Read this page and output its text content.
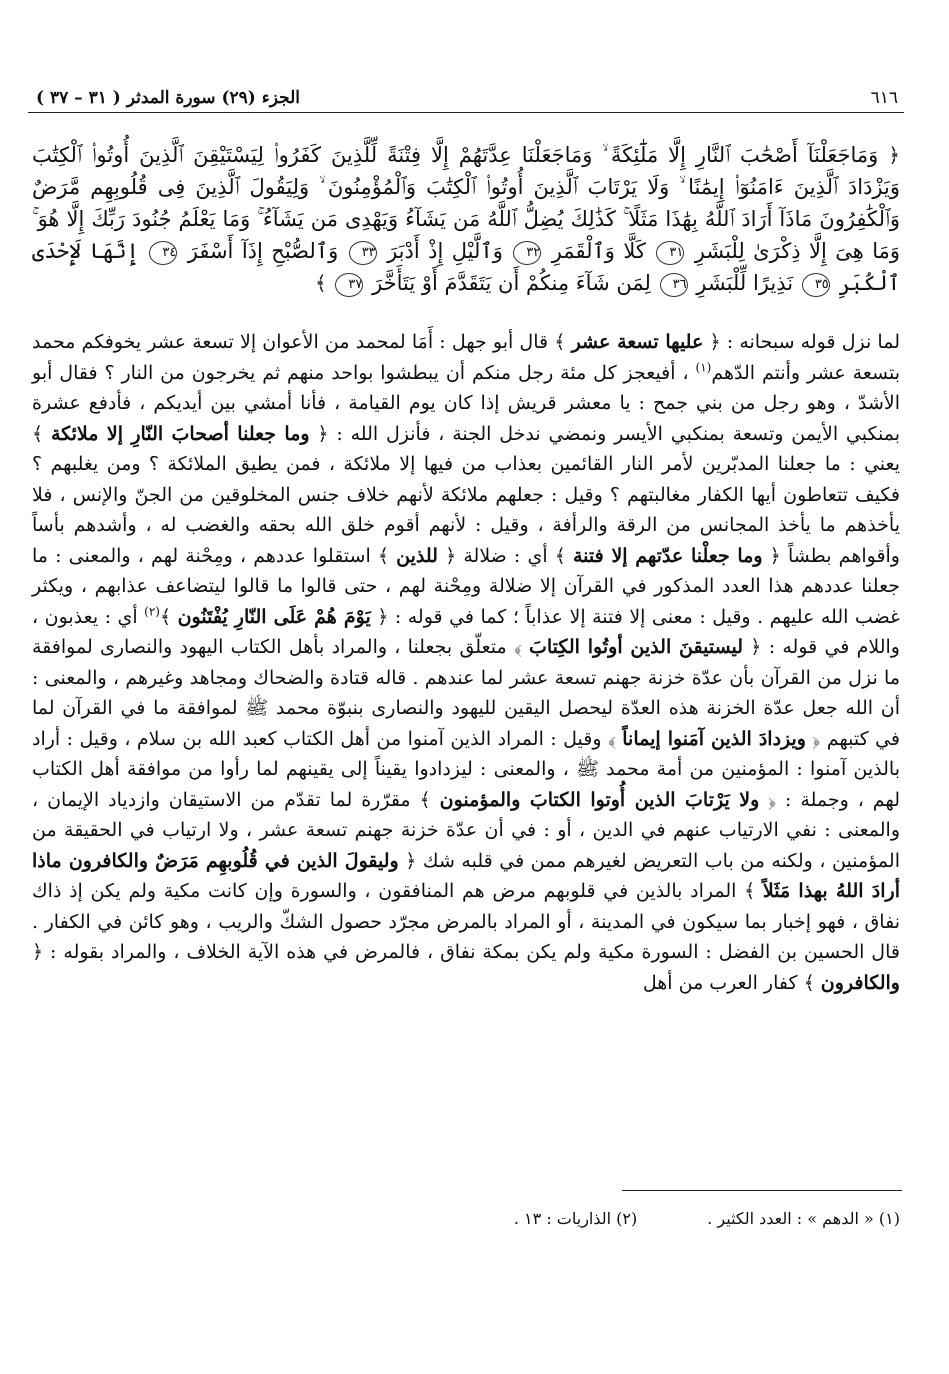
٦١٦
الجزء (٢٩) سورة المدثر ( ٣١ – ٣٧ )
﴿ وَمَاجَعَلْنَآ أَصْحَٰبَ ٱلنَّارِ إِلَّا مَلَٰٓئِكَةً ۙ وَمَاجَعَلْنَا عِدَّتَهُمْ إِلَّا فِتْنَةً لِّلَّذِينَ كَفَرُوا۟ لِيَسْتَيْقِنَ ٱلَّذِينَ أُوتُوا۟ ٱلْكِتَٰبَ وَيَزْدَادَ ٱلَّذِينَ ءَامَنُوٓا۟ إِيمَٰنًا ۙ وَلَا يَرْتَابَ ٱلَّذِينَ أُوتُوا۟ ٱلْكِتَٰبَ وَٱلْمُؤْمِنُونَ ۙ وَلِيَقُولَ ٱلَّذِينَ فِى قُلُوبِهِم مَّرَضٌ وَٱلْكَٰفِرُونَ مَاذَآ أَرَادَ ٱللَّهُ بِهَٰذَا مَثَلًا ۚ كَذَٰلِكَ يُضِلُّ ٱللَّهُ مَن يَشَآءُ وَيَهْدِى مَن يَشَآءُ ۚ وَمَا يَعْلَمُ جُنُودَ رَبِّكَ إِلَّا هُوَ ۚ وَمَا هِىَ إِلَّا ذِكْرَىٰ لِلْبَشَرِ ٣١ كَلَّا وَٱلْقَمَرِ ٣٢ وَٱلَّيْلِ إِذْ أَدْبَرَ ٣٣ وَٱلصُّبْحِ إِذَآ أَسْفَرَ ٣٤ إِنَّهَا لَإِحْدَى ٱلْكُبَرِ ٣٥ نَذِيرًا لِّلْبَشَرِ ٣٦ لِمَن شَآءَ مِنكُمْ أَن يَتَقَدَّمَ أَوْ يَتَأَخَّرَ ٣٧ ﴾
لما نزل قوله سبحانه : ﴿ عليها تسعة عشر ﴾ قال أبو جهل : أَمَا لمحمد من الأعوان إلا تسعة عشر يخوفكم محمد بتسعة عشر وأنتم الدّهم$^{(١)}$ ، أفيعجز كل مئة رجل منكم أن يبطشوا بواحد منهم ثم يخرجون من النار ؟ فقال أبو الأشدّ ، وهو رجل من بني جمح : يا معشر قريش إذا كان يوم القيامة ، فأنا أمشي بين أيديكم ، فأدفع عشرة بمنكبي الأيمن وتسعة بمنكبي الأيسر ونمضي ندخل الجنة ، فأنزل الله : ﴿ وما جعلنا أصحابَ النّارِ إلا ملائكة ﴾ يعني : ما جعلنا المدبّرين لأمر النار القائمين بعذاب من فيها إلا ملائكة ، فمن يطيق الملائكة ؟ ومن يغلبهم ؟ فكيف تتعاطون أيها الكفار مغالبتهم ؟ وقيل : جعلهم ملائكة لأنهم خلاف جنس المخلوقين من الجنّ والإنس ، فلا يأخذهم ما يأخذ المجانس من الرقة والرأفة ، وقيل : لأنهم أقوم خلق الله بحقه والغضب له ، وأشدهم بأساً وأقواهم بطشاً ﴿ وما جعلْنا عدّتهم إلا فتنة ﴾ أي : ضلالة ﴿ للذين ﴾ استقلوا عددهم ، ومِحْنة لهم ، والمعنى : ما جعلنا عددهم هذا العدد المذكور في القرآن إلا ضلالة ومِحْنة لهم ، حتى قالوا ما قالوا ليتضاعف عذابهم ، ويكثر غضب الله عليهم . وقيل : معنى إلا فتنة إلا عذاباً ؛ كما في قوله : ﴿ يَوْمَ هُمْ عَلَى النّارِ يُفْتَنُون ﴾$^{(٢)}$ أي : يعذبون ، واللام في قوله : ﴿ ليستيقنَ الذين أوتُوا الكِتابَ ﴾ متعلّق بجعلنا ، والمراد بأهل الكتاب اليهود والنصارى لموافقة ما نزل من القرآن بأن عدّة خزنة جهنم تسعة عشر لما عندهم . قاله قتادة والضحاك ومجاهد وغيرهم ، والمعنى : أن الله جعل عدّة الخزنة هذه العدّة ليحصل اليقين لليهود والنصارى بنبوّة محمد ﷺ لموافقة ما في القرآن لما في كتبهم ﴿ ويزدادَ الذين آمَنوا إيماناً ﴾ وقيل : المراد الذين آمنوا من أهل الكتاب كعبد الله بن سلام ، وقيل : أراد بالذين آمنوا : المؤمنين من أمة محمد ﷺ ، والمعنى : ليزدادوا يقيناً إلى يقينهم لما رأوا من موافقة أهل الكتاب لهم ، وجملة : ﴿ ولا يَرْتابَ الذين أُوتوا الكتابَ والمؤمنون ﴾ مقرّرة لما تقدّم من الاستيقان وازدياد الإيمان ، والمعنى : نفي الارتياب عنهم في الدين ، أو : في أن عدّة خزنة جهنم تسعة عشر ، ولا ارتياب في الحقيقة من المؤمنين ، ولكنه من باب التعريض لغيرهم ممن في قلبه شك ﴿ وليقولَ الذين في قُلُوبهِم مَرَضٌ والكافرون ماذا أرادَ اللهُ بهذا مَثَلاً ﴾ المراد بالذين في قلوبهم مرض هم المنافقون ، والسورة وإن كانت مكية ولم يكن إذ ذاك نفاق ، فهو إخبار بما سيكون في المدينة ، أو المراد بالمرض مجرّد حصول الشكّ والريب ، وهو كائن في الكفار . قال الحسين بن الفضل : السورة مكية ولم يكن بمكة نفاق ، فالمرض في هذه الآية الخلاف ، والمراد بقوله : ﴿ والكافرون ﴾ كفار العرب من أهل
(١) « الدهم » : العدد الكثير .
(٢) الذاريات : ١٣ .
